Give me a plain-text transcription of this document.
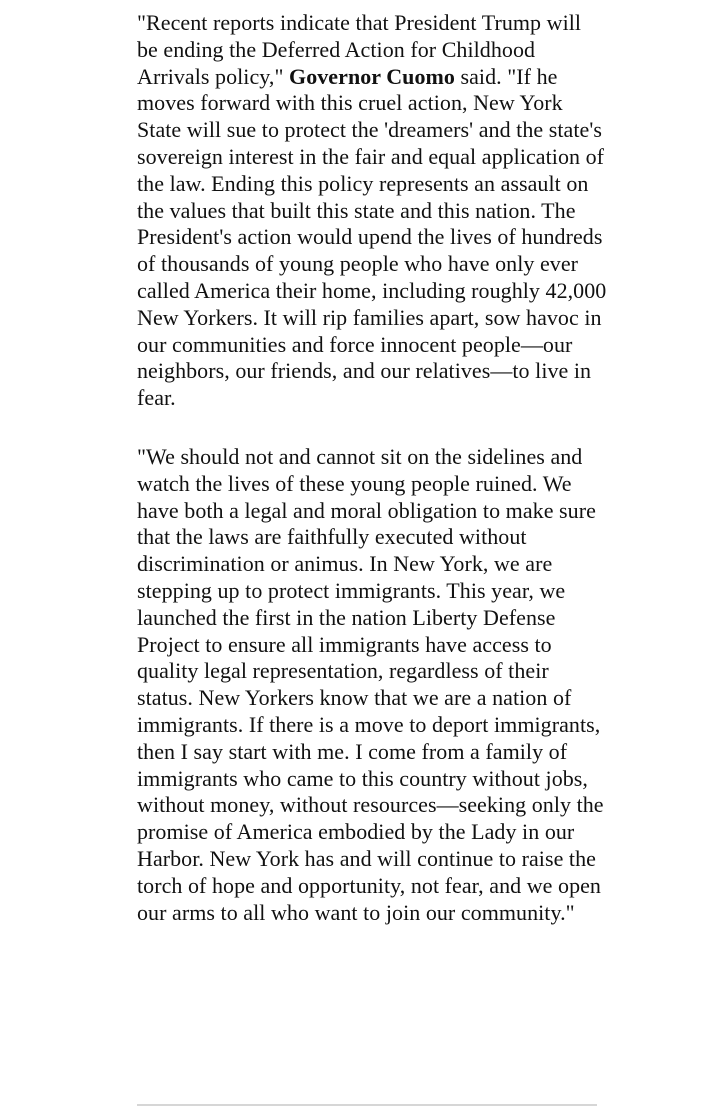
"Recent reports indicate that President Trump will be ending the Deferred Action for Childhood Arrivals policy," Governor Cuomo said. "If he moves forward with this cruel action, New York State will sue to protect the 'dreamers' and the state's sovereign interest in the fair and equal application of the law. Ending this policy represents an assault on the values that built this state and this nation. The President's action would upend the lives of hundreds of thousands of young people who have only ever called America their home, including roughly 42,000 New Yorkers. It will rip families apart, sow havoc in our communities and force innocent people—our neighbors, our friends, and our relatives—to live in fear.

"We should not and cannot sit on the sidelines and watch the lives of these young people ruined. We have both a legal and moral obligation to make sure that the laws are faithfully executed without discrimination or animus. In New York, we are stepping up to protect immigrants. This year, we launched the first in the nation Liberty Defense Project to ensure all immigrants have access to quality legal representation, regardless of their status. New Yorkers know that we are a nation of immigrants. If there is a move to deport immigrants, then I say start with me. I come from a family of immigrants who came to this country without jobs, without money, without resources—seeking only the promise of America embodied by the Lady in our Harbor. New York has and will continue to raise the torch of hope and opportunity, not fear, and we open our arms to all who want to join our community."
